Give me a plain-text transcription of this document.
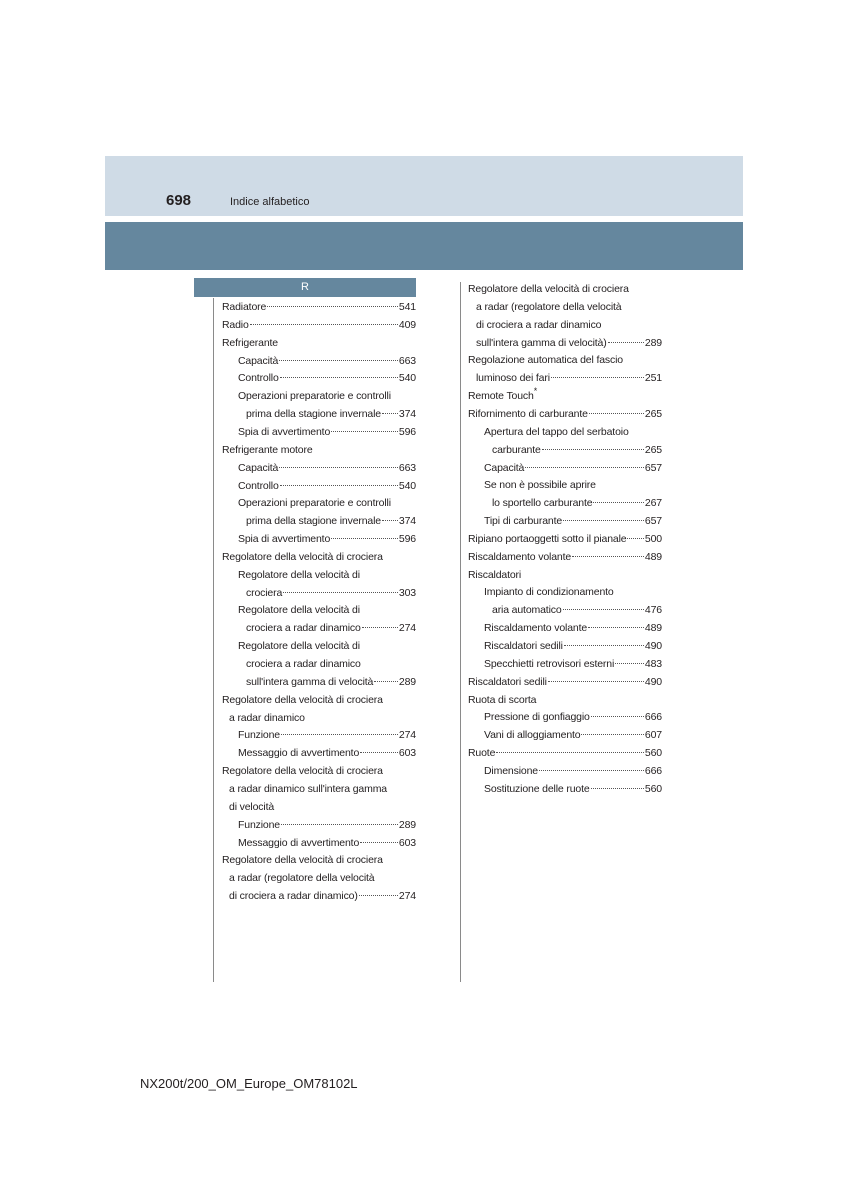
698	Indice alfabetico
R
Radiatore	541
Radio	409
Refrigerante
Capacità	663
Controllo	540
Operazioni preparatorie e controlli
prima della stagione invernale 374
Spia di avvertimento	596
Refrigerante motore
Capacità	663
Controllo	540
Operazioni preparatorie e controlli
prima della stagione invernale 374
Spia di avvertimento	596
Regolatore della velocità di crociera
Regolatore della velocità di
crociera	303
Regolatore della velocità di
crociera a radar dinamico	274
Regolatore della velocità di
crociera a radar dinamico
sull'intera gamma di velocità 289
Regolatore della velocità di crociera
a radar dinamico
Funzione	274
Messaggio di avvertimento	603
Regolatore della velocità di crociera
a radar dinamico sull'intera gamma
di velocità
Funzione	289
Messaggio di avvertimento	603
Regolatore della velocità di crociera
a radar (regolatore della velocità
di crociera a radar dinamico)	274
Regolatore della velocità di crociera
a radar (regolatore della velocità
di crociera a radar dinamico
sull'intera gamma di velocità)	289
Regolazione automatica del fascio
luminoso dei fari	251
Remote Touch*
Rifornimento di carburante	265
Apertura del tappo del serbatoio
carburante	265
Capacità	657
Se non è possibile aprire
lo sportello carburante	267
Tipi di carburante	657
Ripiano portaoggetti sotto il pianale 500
Riscaldamento volante	489
Riscaldatori
Impianto di condizionamento
aria automatico	476
Riscaldamento volante	489
Riscaldatori sedili	490
Specchietti retrovisori esterni	483
Riscaldatori sedili	490
Ruota di scorta
Pressione di gonfiaggio	666
Vani di alloggiamento	607
Ruote	560
Dimensione	666
Sostituzione delle ruote	560
NX200t/200_OM_Europe_OM78102L
